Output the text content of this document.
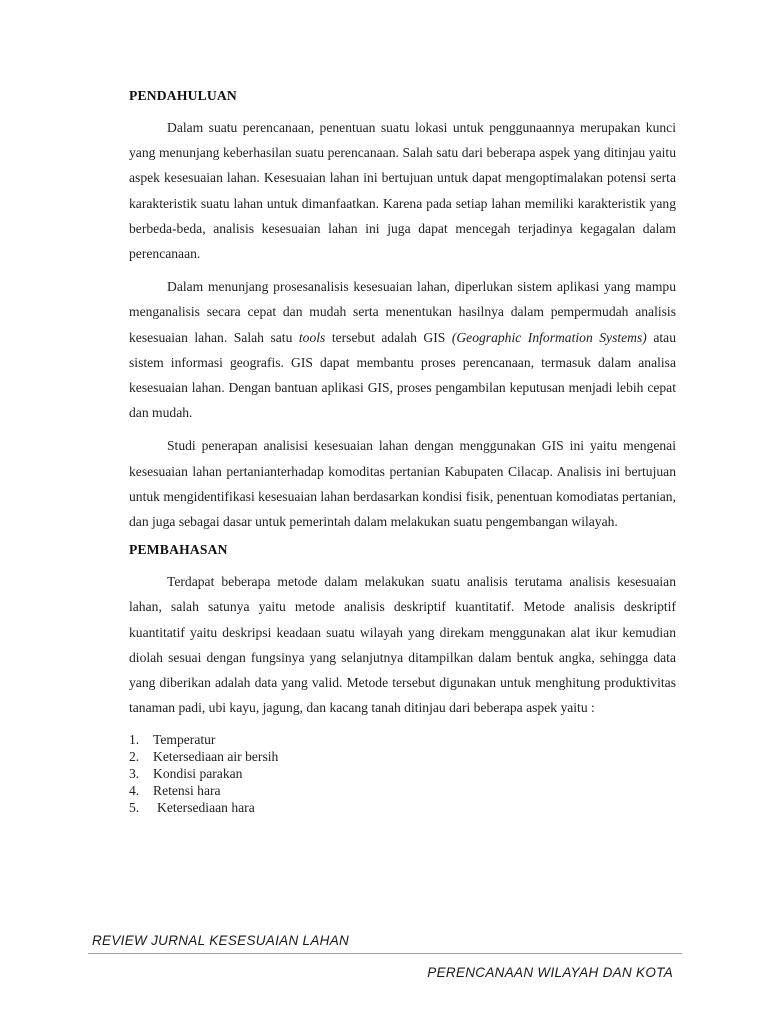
PENDAHULUAN

Dalam suatu perencanaan, penentuan suatu lokasi untuk penggunaannya merupakan kunci yang menunjang keberhasilan suatu perencanaan. Salah satu dari beberapa aspek yang ditinjau yaitu aspek kesesuaian lahan. Kesesuaian lahan ini bertujuan untuk dapat mengoptimalakan potensi serta karakteristik suatu lahan untuk dimanfaatkan. Karena pada setiap lahan memiliki karakteristik yang berbeda-beda, analisis kesesuaian lahan ini juga dapat mencegah terjadinya kegagalan dalam perencanaan.

Dalam menunjang prosesanalisis kesesuaian lahan, diperlukan sistem aplikasi yang mampu menganalisis secara cepat dan mudah serta menentukan hasilnya dalam pempermudah analisis kesesuaian lahan. Salah satu tools tersebut adalah GIS (Geographic Information Systems) atau sistem informasi geografis. GIS dapat membantu proses perencanaan, termasuk dalam analisa kesesuaian lahan. Dengan bantuan aplikasi GIS, proses pengambilan keputusan menjadi lebih cepat dan mudah.

Studi penerapan analisisi kesesuaian lahan dengan menggunakan GIS ini yaitu mengenai kesesuaian lahan pertanianterhadap komoditas pertanian Kabupaten Cilacap. Analisis ini bertujuan untuk mengidentifikasi kesesuaian lahan berdasarkan kondisi fisik, penentuan komodiatas pertanian, dan juga sebagai dasar untuk pemerintah dalam melakukan suatu pengembangan wilayah.

PEMBAHASAN

Terdapat beberapa metode dalam melakukan suatu analisis terutama analisis kesesuaian lahan, salah satunya yaitu metode analisis deskriptif kuantitatif. Metode analisis deskriptif kuantitatif yaitu deskripsi keadaan suatu wilayah yang direkam menggunakan alat ikur kemudian diolah sesuai dengan fungsinya yang selanjutnya ditampilkan dalam bentuk angka, sehingga data yang diberikan adalah data yang valid. Metode tersebut digunakan untuk menghitung produktivitas tanaman padi, ubi kayu, jagung, dan kacang tanah ditinjau dari beberapa aspek yaitu :

1.	Temperatur
2.	Ketersediaan air bersih
3.	Kondisi parakan
4.	Retensi hara
5.	Ketersediaan hara
REVIEW JURNAL KESESUAIAN LAHAN
PERENCANAAN WILAYAH DAN KOTA
